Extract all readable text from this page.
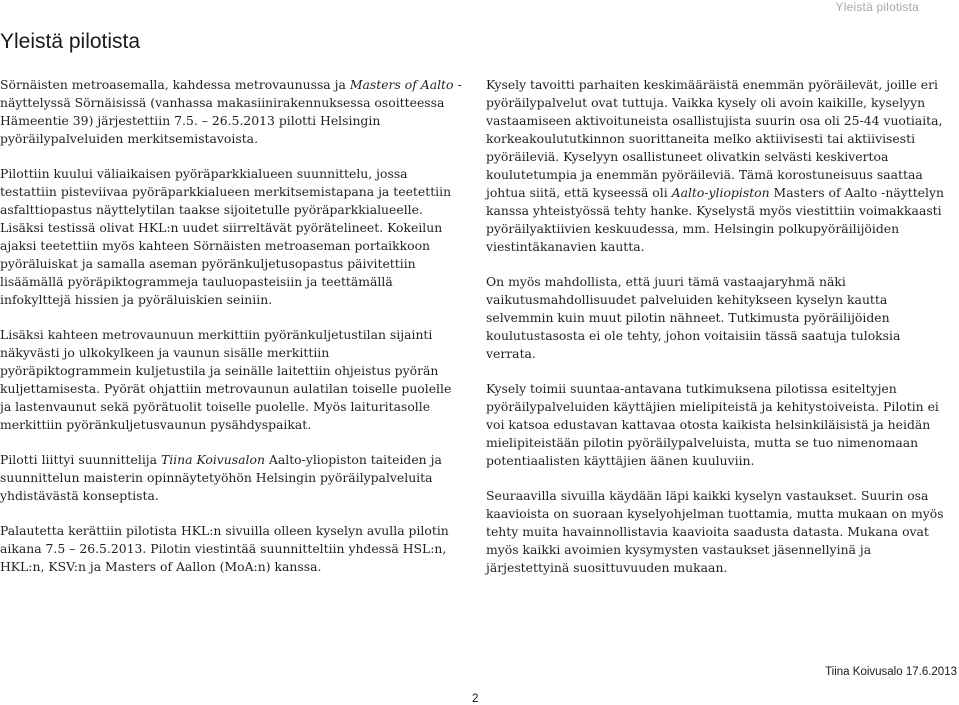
Yleistä pilotista
Yleistä pilotista

Sörnäisten metroasemalla, kahdessa metrovaunussa ja Masters of Aalto -näyttelyssä Sörnäisissä (vanhassa makasiinirakennuksessa osoitteessa Hämeentie 39) järjestettiin 7.5. – 26.5.2013 pilotti Helsingin pyöräilypalveluiden merkitsemistavoista.

Pilottiin kuului väliaikaisen pyöräparkkialueen suunnittelu, jossa testattiin pisteviivaa pyöräparkkialueen merkitsemistapana ja teetettiin asfalttiopastus näyttelytilan taakse sijoitetulle pyöräparkkialueelle. Lisäksi testissä olivat HKL:n uudet siirreltävät pyörätelineet. Kokeilun ajaksi teetettiin myös kahteen Sörnäisten metroaseman portaikkoon pyöräluiskat ja samalla aseman pyöränkuljetusopastus päivitettiin lisäämällä pyöräpiktogrammeja tauluopasteisiin ja teettämällä infokylttejä hissien ja pyöräluiskien seiniin.

Lisäksi kahteen metrovaunuun merkittiin pyöränkuljetustilan sijainti näkyvästi jo ulkokylkeen ja vaunun sisälle merkittiin pyöräpiktogrammein kuljetustila ja seinälle laitettiin ohjeistus pyörän kuljettamisesta. Pyörät ohjattiin metrovaunun aulatilan toiselle puolelle ja lastenvaunut sekä pyörätuolit toiselle puolelle. Myös laituritasolle merkittiin pyöränkuljetusvaunun pysähdyspaikat.

Pilotti liittyi suunnittelija Tiina Koivusalon Aalto-yliopiston taiteiden ja suunnittelun maisterin opinnäytetyöhön Helsingin pyöräilypalveluita yhdistävästä konseptista.

Palautetta kerättiin pilotista HKL:n sivuilla olleen kyselyn avulla pilotin aikana 7.5 – 26.5.2013. Pilotin viestintää suunnitteltiin yhdessä HSL:n, HKL:n, KSV:n ja Masters of Aallon (MoA:n) kanssa.

Kysely tavoitti parhaiten keskimääräistä enemmän pyöräilevät, joille eri pyöräilypalvelut ovat tuttuja. Vaikka kysely oli avoin kaikille, kyselyyn vastaamiseen aktivoituneista osallistujista suurin osa oli 25-44 vuotiaita, korkeakoulututkinnon suorittaneita melko aktiivisesti tai aktiivisesti pyöräileviä. Kyselyyn osallistuneet olivatkin selvästi keskivertoa koulutetumpia ja enemmän pyöräileviä. Tämä korostuneisuus saattaa johtua siitä, että kyseessä oli Aalto-yliopiston Masters of Aalto -näyttelyn kanssa yhteistyössä tehty hanke. Kyselystä myös viestittiin voimakkaasti pyöräilyaktiivien keskuudessa, mm. Helsingin polkupyöräilijöiden viestintäkanavien kautta.

On myös mahdollista, että juuri tämä vastaajaryhmä näki vaikutusmahdollisuudet palveluiden kehitykseen kyselyn kautta selvemmin kuin muut pilotin nähneet. Tutkimusta pyöräilijöiden koulutustasosta ei ole tehty, johon voitaisiin tässä saatuja tuloksia verrata.

Kysely toimii suuntaa-antavana tutkimuksena pilotissa esiteltyjen pyöräilypalveluiden käyttäjien mielipiteistä ja kehitystoiveista. Pilotin ei voi katsoa edustavan kattavaa otosta kaikista helsinkiläisistä ja heidän mielipiteistään pilotin pyöräilypalveluista, mutta se tuo nimenomaan potentiaalisten käyttäjien äänen kuuluviin.

Seuraavilla sivuilla käydään läpi kaikki kyselyn vastaukset. Suurin osa kaavioista on suoraan kyselyohjelman tuottamia, mutta mukaan on myös tehty muita havainnollistavia kaavioita saadusta datasta. Mukana ovat myös kaikki avoimien kysymysten vastaukset jäsennellyinä ja järjestettyinä suosittuvuuden mukaan.

Tiina Koivusalo 17.6.2013
2
